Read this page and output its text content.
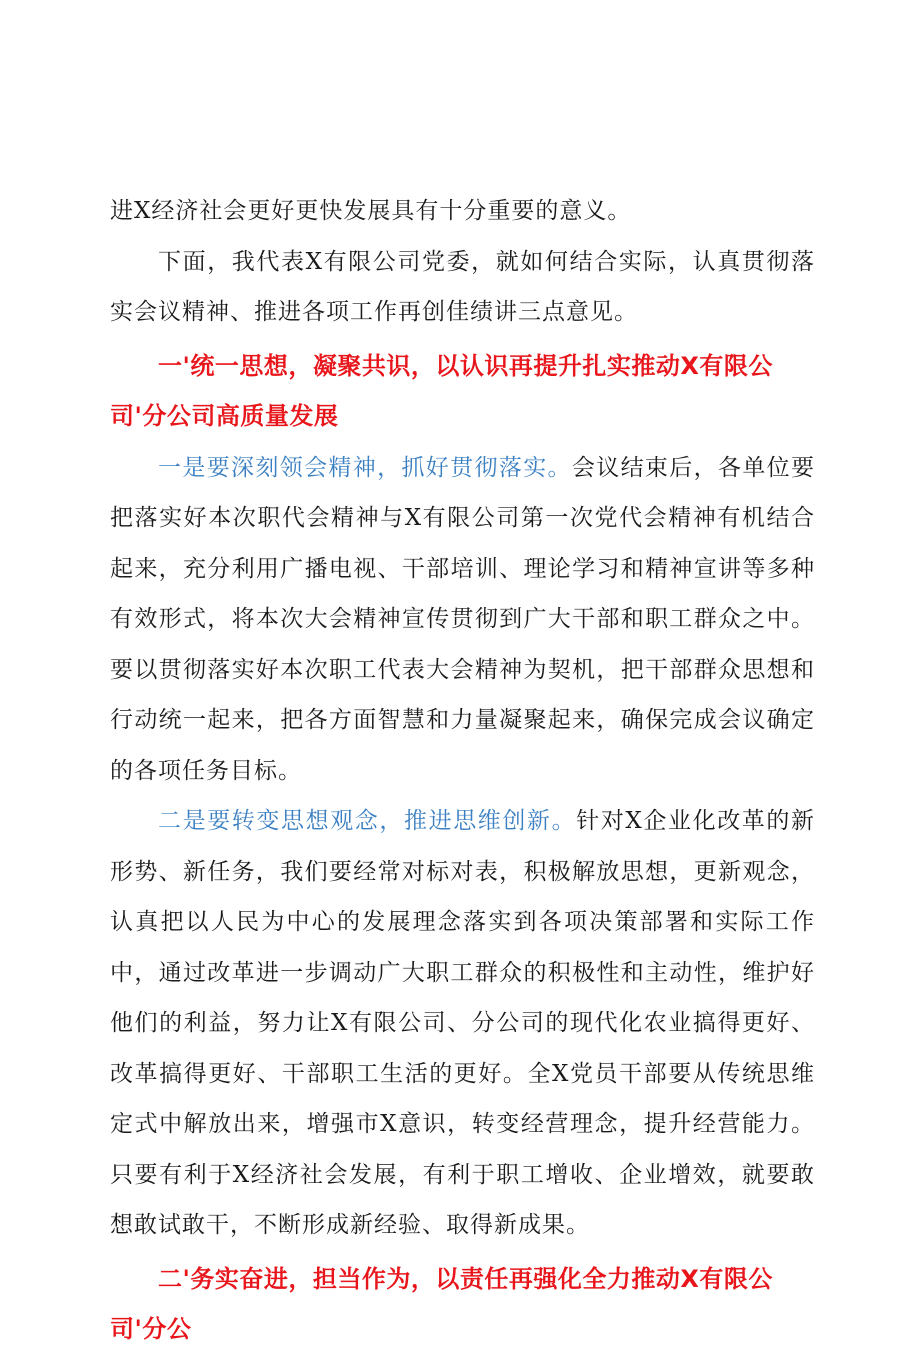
进X经济社会更好更快发展具有十分重要的意义。

下面，我代表X有限公司党委，就如何结合实际，认真贯彻落实会议精神、推进各项工作再创佳绩讲三点意见。

一'统一思想，凝聚共识，以认识再提升扎实推动X有限公司'分公司高质量发展

一是要深刻领会精神，抓好贯彻落实。会议结束后，各单位要把落实好本次职代会精神与X有限公司第一次党代会精神有机结合起来，充分利用广播电视、干部培训、理论学习和精神宣讲等多种有效形式，将本次大会精神宣传贯彻到广大干部和职工群众之中。要以贯彻落实好本次职工代表大会精神为契机，把干部群众思想和行动统一起来，把各方面智慧和力量凝聚起来，确保完成会议确定的各项任务目标。

二是要转变思想观念，推进思维创新。针对X企业化改革的新形势、新任务，我们要经常对标对表，积极解放思想，更新观念，认真把以人民为中心的发展理念落实到各项决策部署和实际工作中，通过改革进一步调动广大职工群众的积极性和主动性，维护好他们的利益，努力让X有限公司、分公司的现代化农业搞得更好、改革搞得更好、干部职工生活的更好。全X党员干部要从传统思维定式中解放出来，增强市X意识，转变经营理念，提升经营能力。只要有利于X经济社会发展，有利于职工增收、企业增效，就要敢想敢试敢干，不断形成新经验、取得新成果。

二'务实奋进，担当作为，以责任再强化全力推动X有限公司'分公
